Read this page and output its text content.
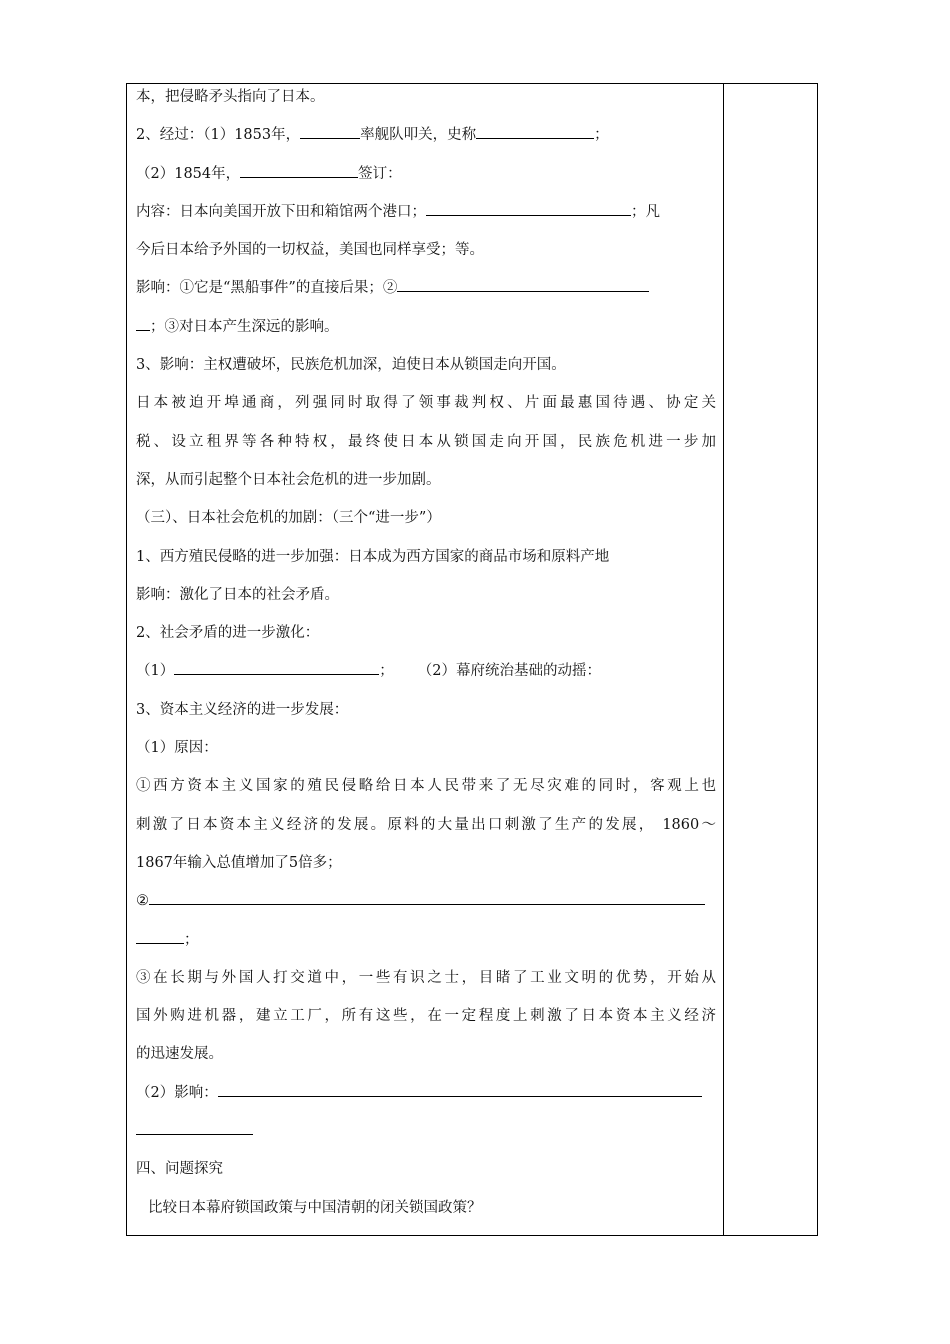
本，把侵略矛头指向了日本。
2、经过：（1）1853年，	率舰队叩关，史称	；
（2）1854年，	签订：
内容：日本向美国开放下田和箱馆两个港口；	；凡
今后日本给予外国的一切权益，美国也同样享受；等。
影响：①它是“黑船事件”的直接后果；②
；③对日本产生深远的影响。
3、影响：主权遭破坏，民族危机加深，迫使日本从锁国走向开国。
日本被迫开埠通商，列强同时取得了领事裁判权、片面最惠国待遇、协定关
税、设立租界等各种特权，最终使日本从锁国走向开国，民族危机进一步加
深，从而引起整个日本社会危机的进一步加剧。
（三）、日本社会危机的加剧：（三个“进一步”）
1、西方殖民侵略的进一步加强：日本成为西方国家的商品市场和原料产地
影响：激化了日本的社会矛盾。
2、社会矛盾的进一步激化：
（1）	； （2）幕府统治基础的动摇：
3、资本主义经济的进一步发展：
（1）原因：
①西方资本主义国家的殖民侵略给日本人民带来了无尽灾难的同时，客观上也
刺激了日本资本主义经济的发展。原料的大量出口刺激了生产的发展， 1860～
1867年输入总值增加了5倍多；
②
；
③在长期与外国人打交道中，一些有识之士，目睹了工业文明的优势，开始从
国外购进机器，建立工厂，所有这些，在一定程度上刺激了日本资本主义经济
的迅速发展。
（2）影响：
四、问题探究
比较日本幕府锁国政策与中国清朝的闭关锁国政策？
